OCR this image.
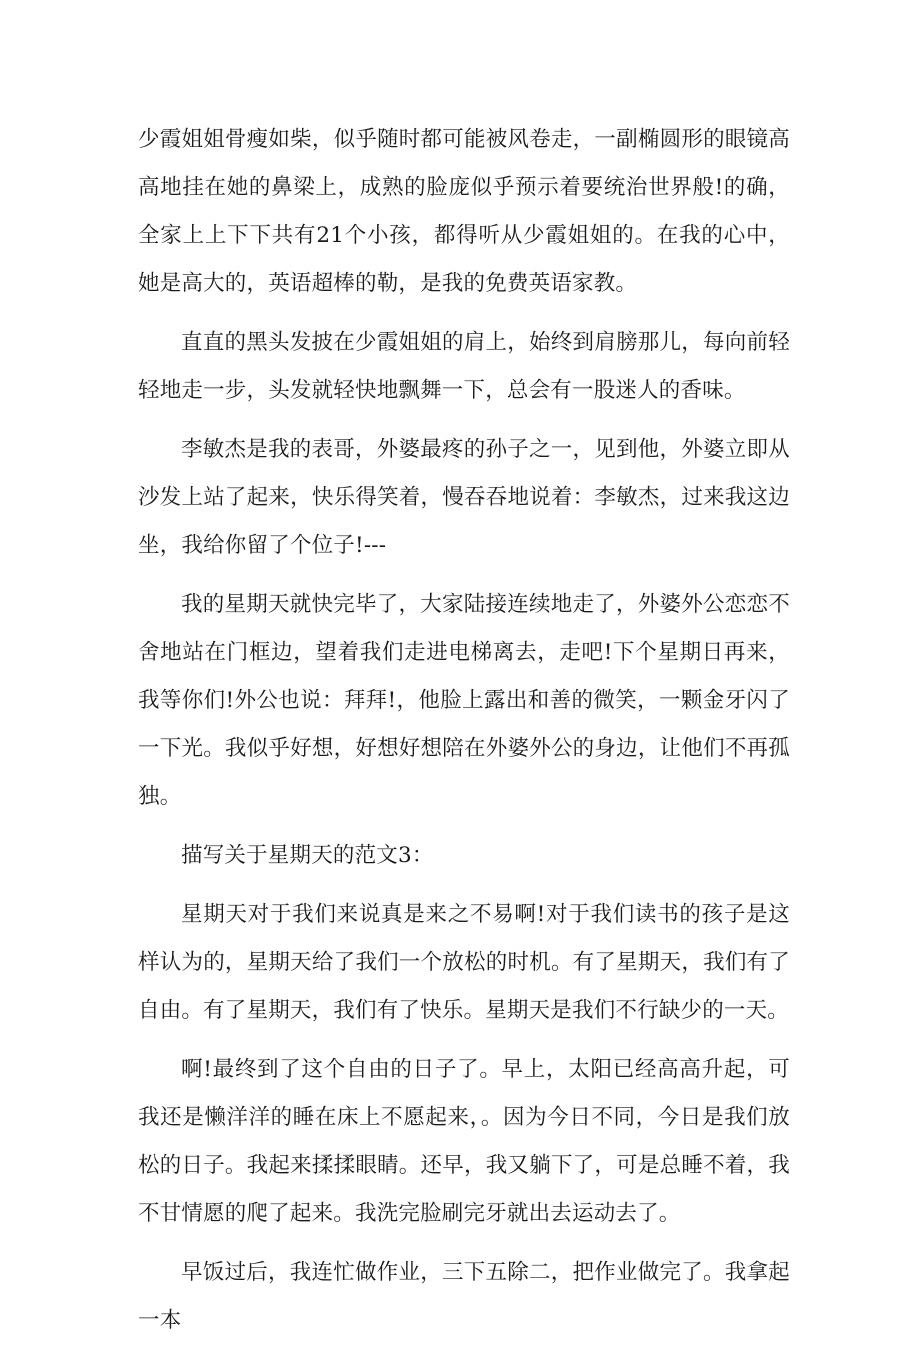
少霞姐姐骨瘦如柴，似乎随时都可能被风卷走，一副椭圆形的眼镜高高地挂在她的鼻梁上，成熟的脸庞似乎预示着要统治世界般!的确，全家上上下下共有21个小孩，都得听从少霞姐姐的。在我的心中，她是高大的，英语超棒的勒，是我的免费英语家教。

直直的黑头发披在少霞姐姐的肩上，始终到肩膀那儿，每向前轻轻地走一步，头发就轻快地飘舞一下，总会有一股迷人的香味。

李敏杰是我的表哥，外婆最疼的孙子之一，见到他，外婆立即从沙发上站了起来，快乐得笑着，慢吞吞地说着：李敏杰，过来我这边坐，我给你留了个位子!---

我的星期天就快完毕了，大家陆接连续地走了，外婆外公恋恋不舍地站在门框边，望着我们走进电梯离去，走吧!下个星期日再来，我等你们!外公也说：拜拜!，他脸上露出和善的微笑，一颗金牙闪了一下光。我似乎好想，好想好想陪在外婆外公的身边，让他们不再孤独。

描写关于星期天的范文3：

星期天对于我们来说真是来之不易啊!对于我们读书的孩子是这样认为的，星期天给了我们一个放松的时机。有了星期天，我们有了自由。有了星期天，我们有了快乐。星期天是我们不行缺少的一天。

啊!最终到了这个自由的日子了。早上，太阳已经高高升起，可我还是懒洋洋的睡在床上不愿起来，。因为今日不同，今日是我们放松的日子。我起来揉揉眼睛。还早，我又躺下了，可是总睡不着，我不甘情愿的爬了起来。我洗完脸刷完牙就出去运动去了。

早饭过后，我连忙做作业，三下五除二，把作业做完了。我拿起一本
